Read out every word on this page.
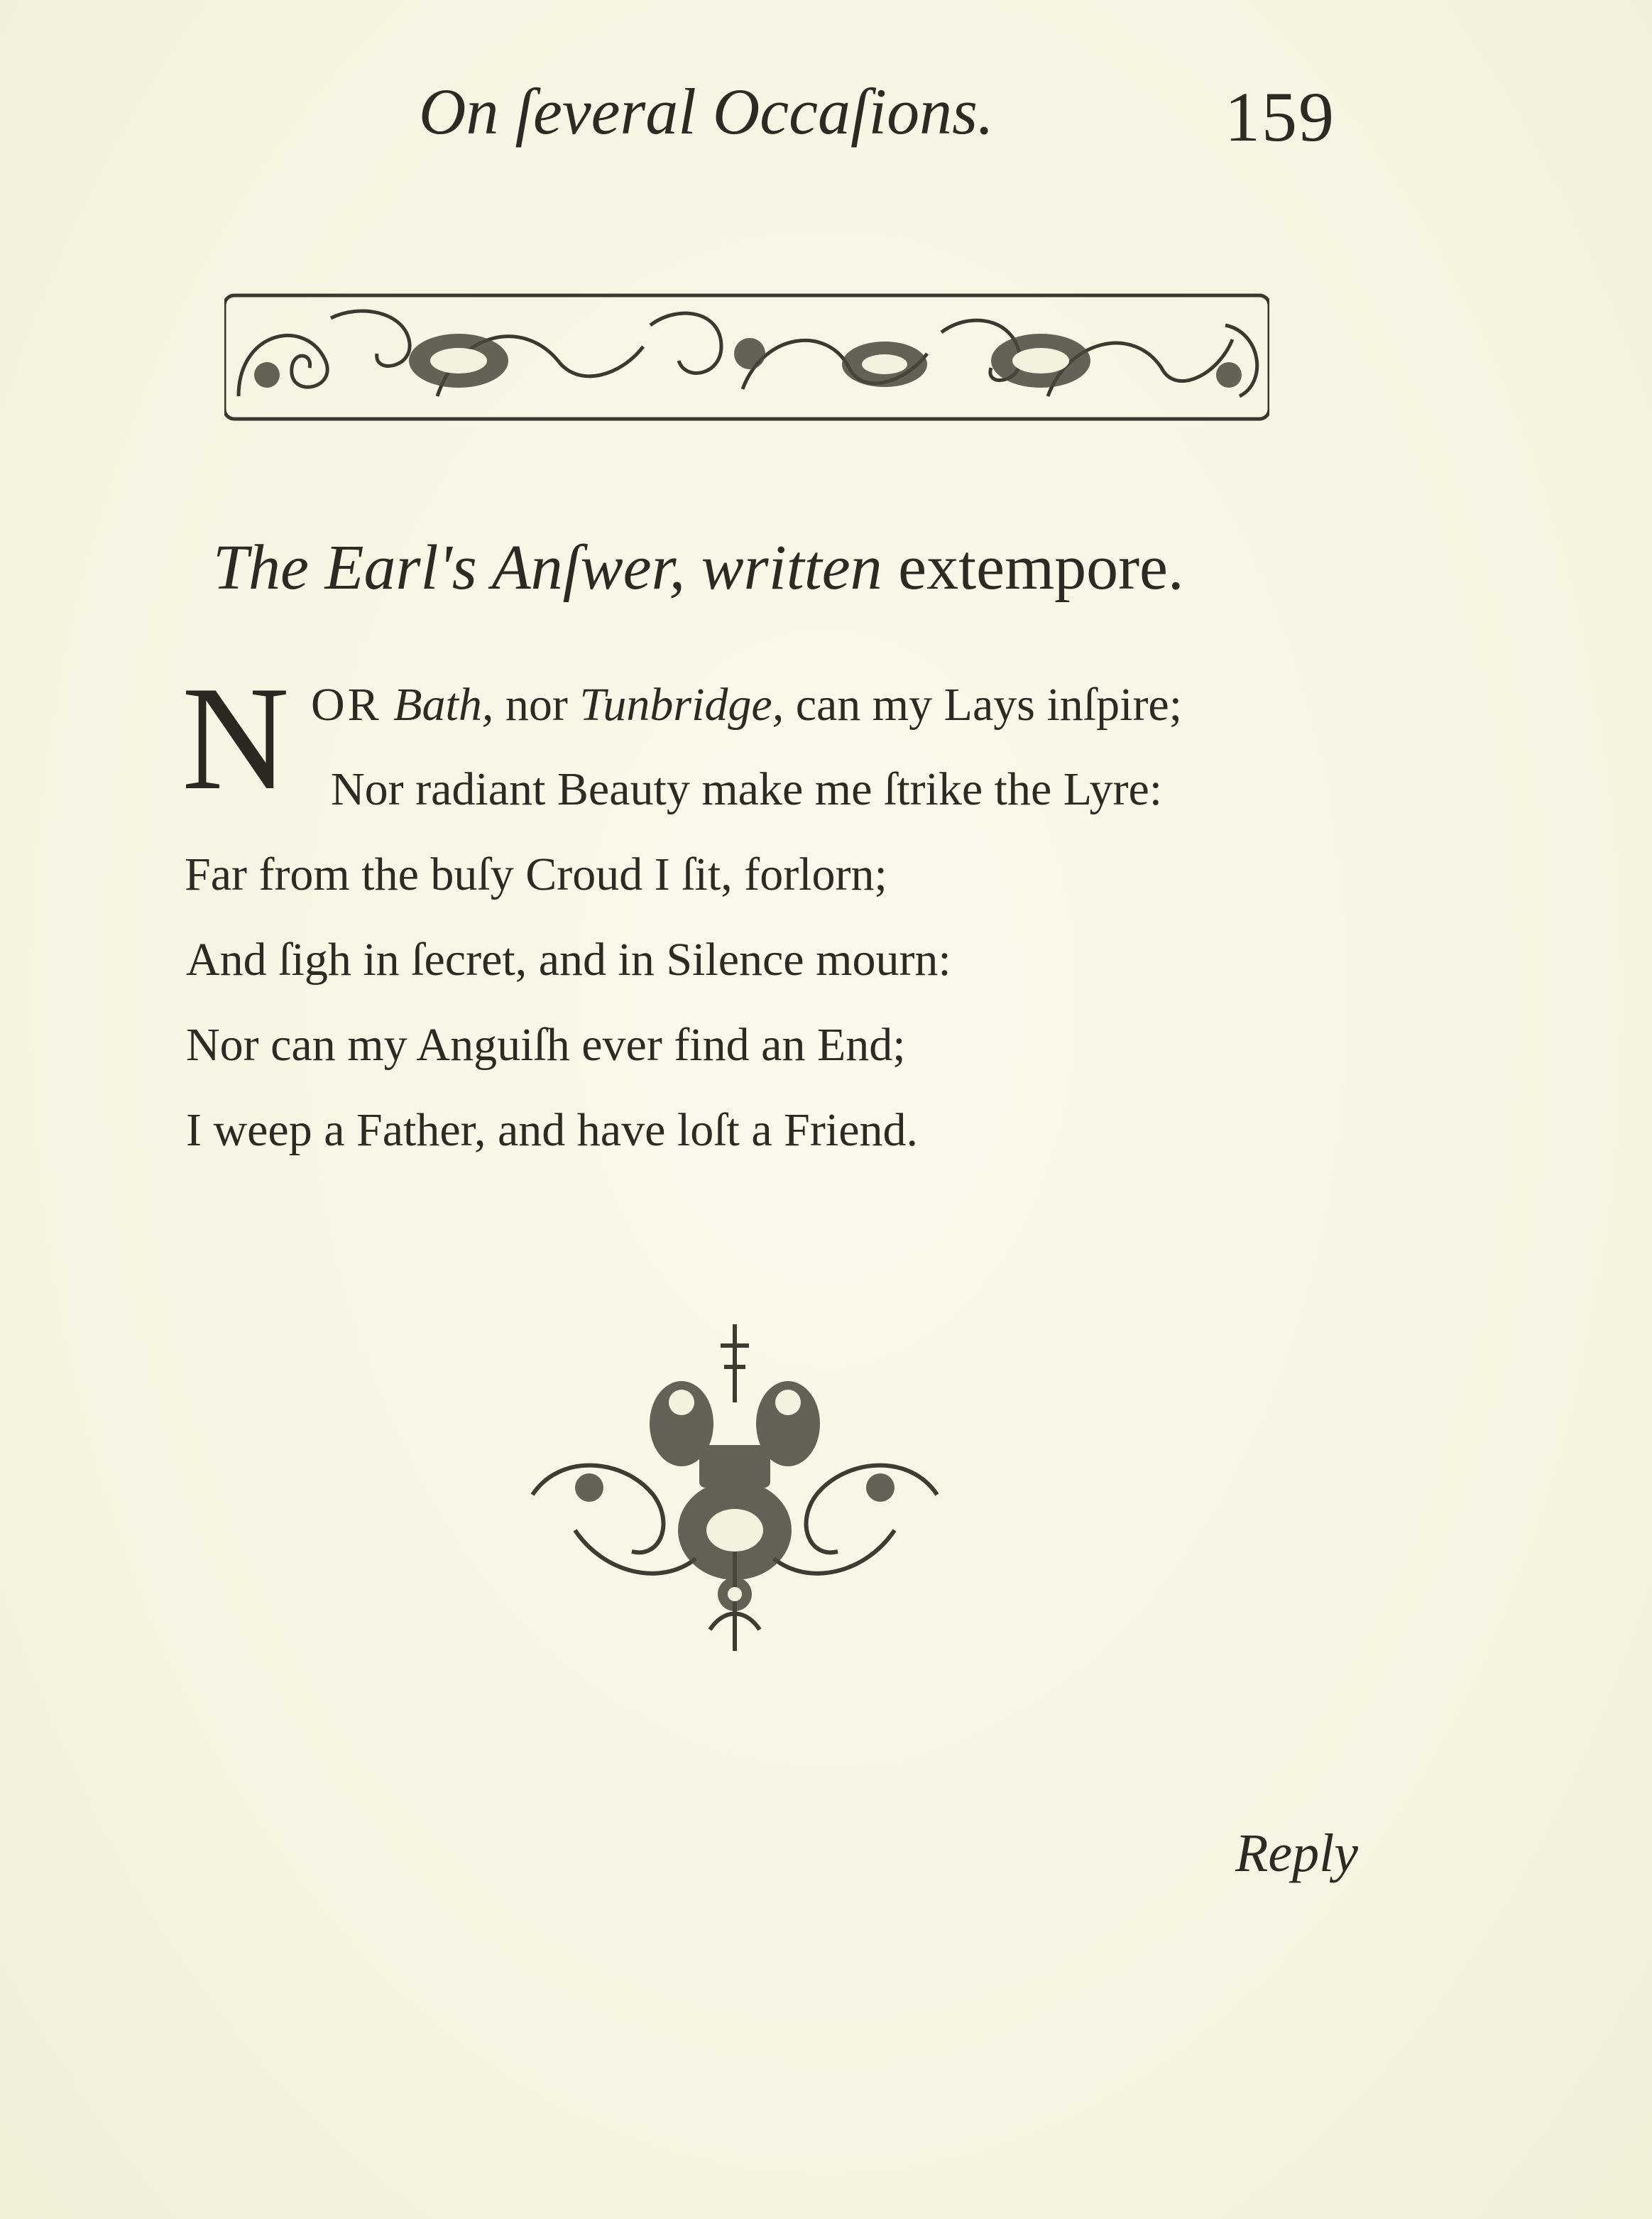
On ſeveral Occaſions.	159
The Earl's Anſwer, written extempore.
N OR Bath, nor Tunbridge, can my Lays inſpire;
Nor radiant Beauty make me ſtrike the Lyre:
Far from the buſy Croud I ſit, forlorn;
And ſigh in ſecret, and in Silence mourn:
Nor can my Anguiſh ever find an End;
I weep a Father, and have loſt a Friend.
Reply
